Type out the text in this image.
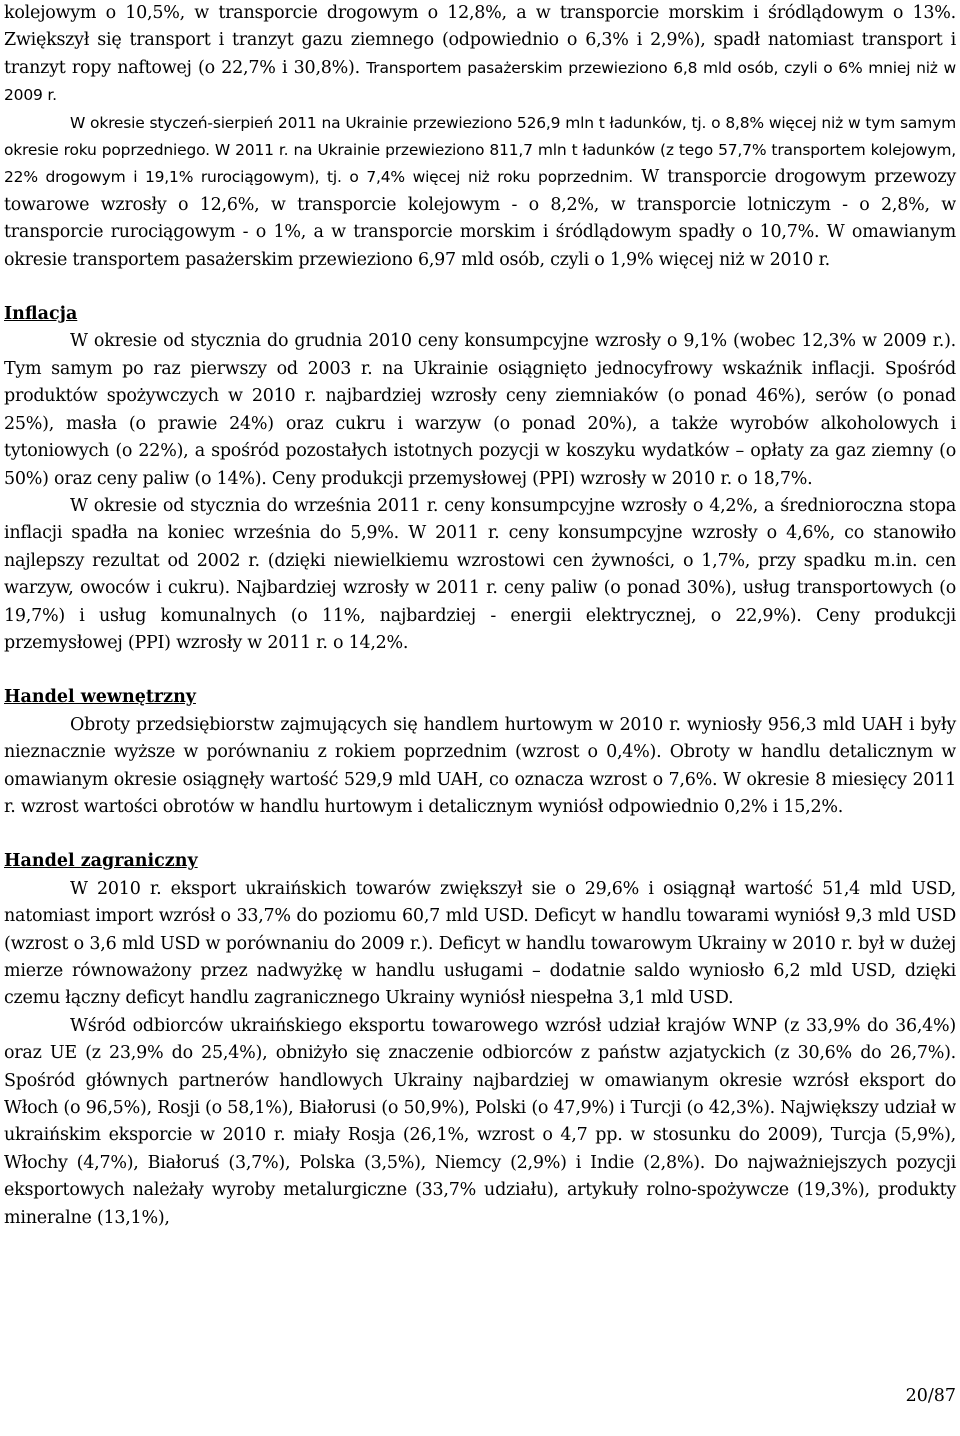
kolejowym o 10,5%, w transporcie drogowym o 12,8%, a w transporcie morskim i śródlądowym o 13%. Zwiększył się transport i tranzyt gazu ziemnego (odpowiednio o 6,3% i 2,9%), spadł natomiast transport i tranzyt ropy naftowej (o 22,7% i 30,8%). Transportem pasażerskim przewieziono 6,8 mld osób, czyli o 6% mniej niż w 2009 r.

W okresie styczeń-sierpień 2011 na Ukrainie przewieziono 526,9 mln t ładunków, tj. o 8,8% więcej niż w tym samym okresie roku poprzedniego. W 2011 r. na Ukrainie przewieziono 811,7 mln t ładunków (z tego 57,7% transportem kolejowym, 22% drogowym i 19,1% rurociągowym), tj. o 7,4% więcej niż roku poprzednim. W transporcie drogowym przewozy towarowe wzrosły o 12,6%, w transporcie kolejowym - o 8,2%, w transporcie lotniczym - o 2,8%, w transporcie rurociągowym - o 1%, a w transporcie morskim i śródlądowym spadły o 10,7%. W omawianym okresie transportem pasażerskim przewieziono 6,97 mld osób, czyli o 1,9% więcej niż w 2010 r.

Inflacja

W okresie od stycznia do grudnia 2010 ceny konsumpcyjne wzrosły o 9,1% (wobec 12,3% w 2009 r.). Tym samym po raz pierwszy od 2003 r. na Ukrainie osiągnięto jednocyfrowy wskaźnik inflacji. Spośród produktów spożywczych w 2010 r. najbardziej wzrosły ceny ziemniaków (o ponad 46%), serów (o ponad 25%), masła (o prawie 24%) oraz cukru i warzyw (o ponad 20%), a także wyrobów alkoholowych i tytoniowych (o 22%), a spośród pozostałych istotnych pozycji w koszyku wydatków – opłaty za gaz ziemny (o 50%) oraz ceny paliw (o 14%). Ceny produkcji przemysłowej (PPI) wzrosły w 2010 r. o 18,7%.

W okresie od stycznia do września 2011 r. ceny konsumpcyjne wzrosły o 4,2%, a średnioroczna stopa inflacji spadła na koniec września do 5,9%. W 2011 r. ceny konsumpcyjne wzrosły o 4,6%, co stanowiło najlepszy rezultat od 2002 r. (dzięki niewielkiemu wzrostowi cen żywności, o 1,7%, przy spadku m.in. cen warzyw, owoców i cukru). Najbardziej wzrosły w 2011 r. ceny paliw (o ponad 30%), usług transportowych (o 19,7%) i usług komunalnych (o 11%, najbardziej - energii elektrycznej, o 22,9%). Ceny produkcji przemysłowej (PPI) wzrosły w 2011 r. o 14,2%.

Handel wewnętrzny

Obroty przedsiębiorstw zajmujących się handlem hurtowym w 2010 r. wyniosły 956,3 mld UAH i były nieznacznie wyższe w porównaniu z rokiem poprzednim (wzrost o 0,4%). Obroty w handlu detalicznym w omawianym okresie osiągnęły wartość 529,9 mld UAH, co oznacza wzrost o 7,6%. W okresie 8 miesięcy 2011 r. wzrost wartości obrotów w handlu hurtowym i detalicznym wyniósł odpowiednio 0,2% i 15,2%.

Handel zagraniczny

W 2010 r. eksport ukraińskich towarów zwiększył sie o 29,6% i osiągnął wartość 51,4 mld USD, natomiast import wzrósł o 33,7% do poziomu 60,7 mld USD. Deficyt w handlu towarami wyniósł 9,3 mld USD (wzrost o 3,6 mld USD w porównaniu do 2009 r.). Deficyt w handlu towarowym Ukrainy w 2010 r. był w dużej mierze równoważony przez nadwyżkę w handlu usługami – dodatnie saldo wyniosło 6,2 mld USD, dzięki czemu łączny deficyt handlu zagranicznego Ukrainy wyniósł niespełna 3,1 mld USD.

Wśród odbiorców ukraińskiego eksportu towarowego wzrósł udział krajów WNP (z 33,9% do 36,4%) oraz UE (z 23,9% do 25,4%), obniżyło się znaczenie odbiorców z państw azjatyckich (z 30,6% do 26,7%). Spośród głównych partnerów handlowych Ukrainy najbardziej w omawianym okresie wzrósł eksport do Włoch (o 96,5%), Rosji (o 58,1%), Białorusi (o 50,9%), Polski (o 47,9%) i Turcji (o 42,3%). Największy udział w ukraińskim eksporcie w 2010 r. miały Rosja (26,1%, wzrost o 4,7 pp. w stosunku do 2009), Turcja (5,9%), Włochy (4,7%), Białoruś (3,7%), Polska (3,5%), Niemcy (2,9%) i Indie (2,8%). Do najważniejszych pozycji eksportowych należały wyroby metalurgiczne (33,7% udziału), artykuły rolno-spożywcze (19,3%), produkty mineralne (13,1%),

20/87
